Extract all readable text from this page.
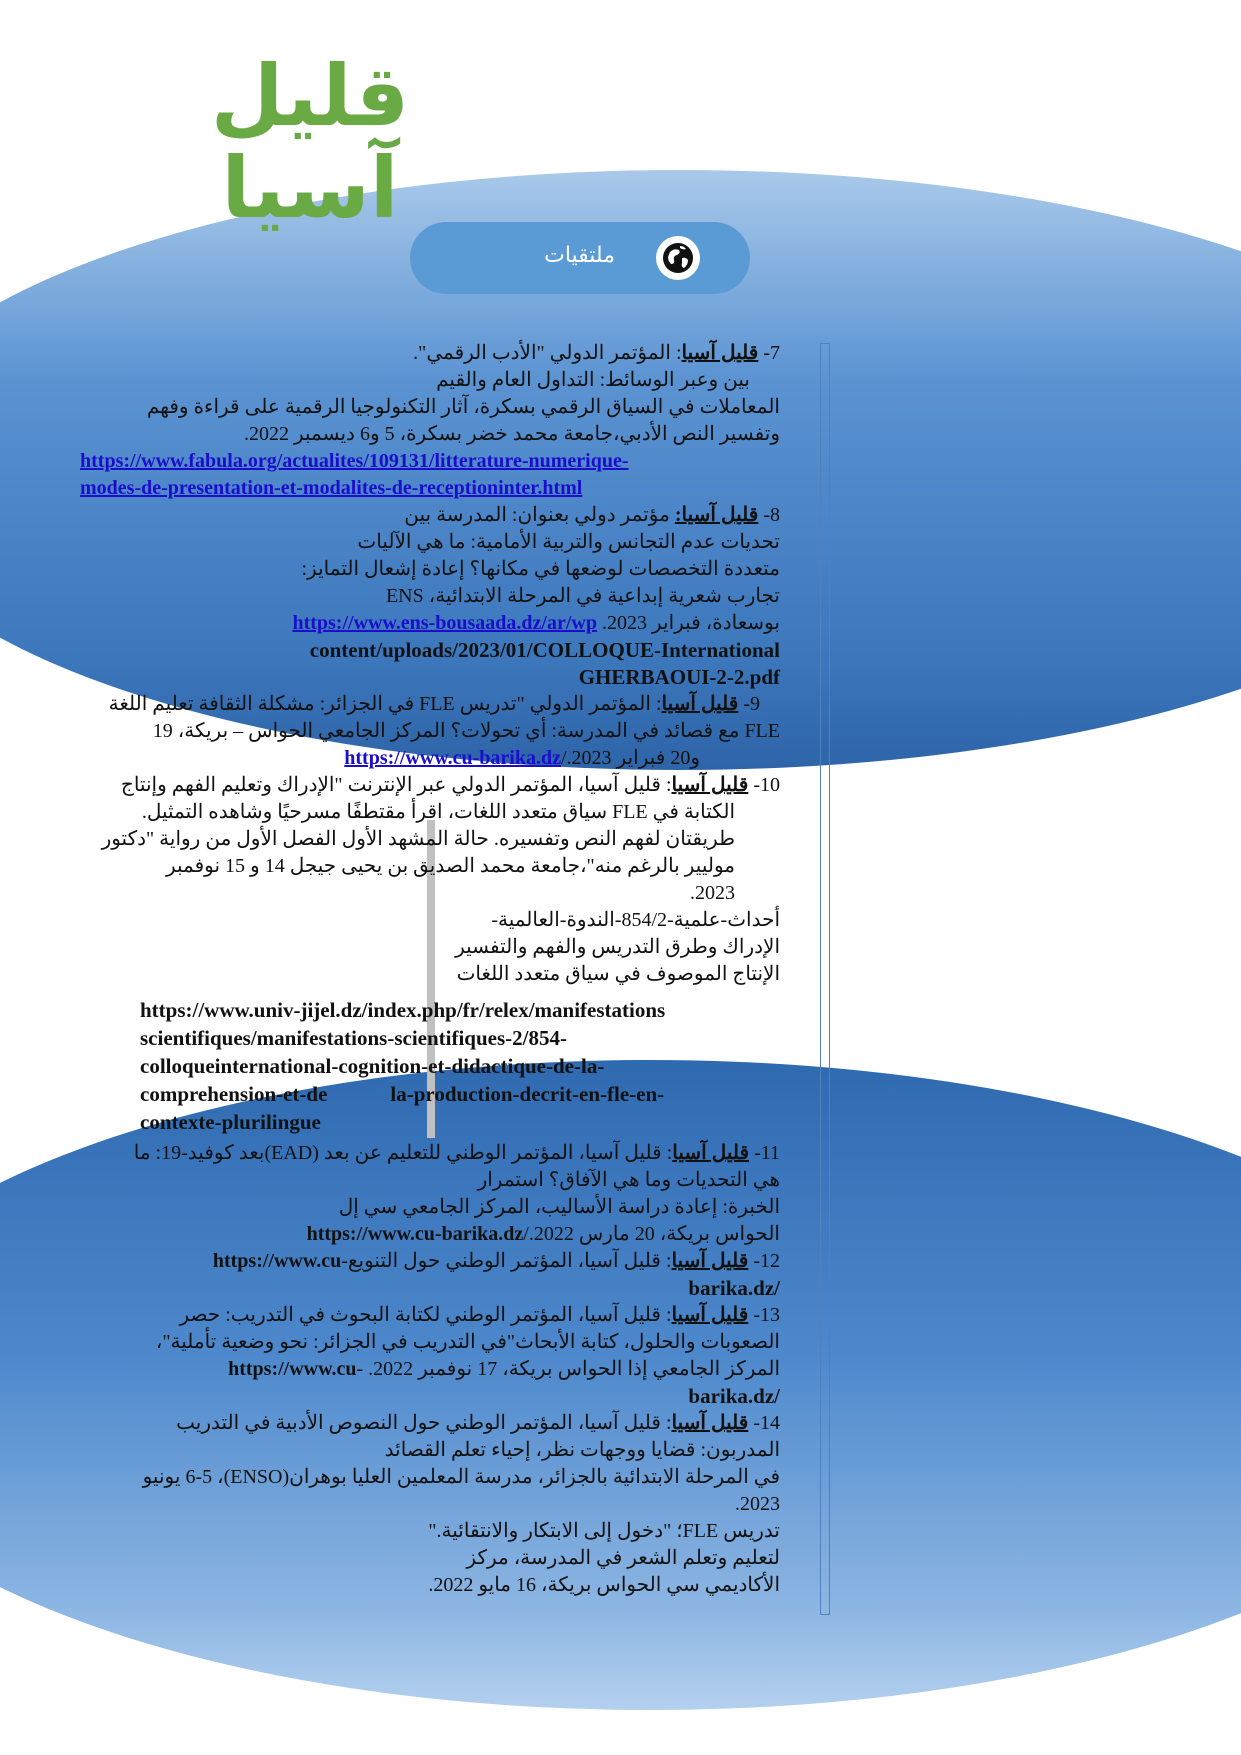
قليل آسيا
ملتقيات

7- قليل آسيا: المؤتمر الدولي "الأدب الرقمي".

بين وعبر الوسائط: التداول العام والقيم

المعاملات في السياق الرقمي بسكرة، آثار التكنولوجيا الرقمية على قراءة وفهم

وتفسير النص الأدبي،جامعة محمد خضر بسكرة، 5 و6 ديسمبر 2022.

https://www.fabula.org/actualites/109131/litterature-numerique-

modes-de-presentation-et-modalites-de-receptioninter.html

8- قليل آسيا: مؤتمر دولي بعنوان: المدرسة بين

تحديات عدم التجانس والتربية الأمامية: ما هي الآليات

متعددة التخصصات لوضعها في مكانها؟ إعادة إشعال التمايز:

تجارب شعرية إبداعية في المرحلة الابتدائية، ENS

بوسعادة، فبراير 2023. https://www.ens-bousaada.dz/ar/wp

content/uploads/2023/01/COLLOQUE-International

GHERBAOUI-2-2.pdf

9- قليل آسيا: المؤتمر الدولي "تدريس FLE في الجزائر: مشكلة الثقافة تعليم اللغة

FLE مع قصائد في المدرسة: أي تحولات؟ المركز الجامعي الحواس – بريكة، 19

و20 فبراير 2023./https://www.cu-barika.dz

10- قليل آسيا: قليل آسيا، المؤتمر الدولي عبر الإنترنت "الإدراك وتعليم الفهم وإنتاج

الكتابة في FLE سياق متعدد اللغات، اقرأ مقتطفًا مسرحيًا وشاهده التمثيل.

طريقتان لفهم النص وتفسيره. حالة المشهد الأول الفصل الأول من رواية "دكتور

موليير بالرغم منه"،جامعة محمد الصديق بن يحيى جيجل 14 و 15 نوفمبر

2023.

أحداث-علمية-854/2-الندوة-العالمية-

الإدراك وطرق التدريس والفهم والتفسير

الإنتاج الموصوف في سياق متعدد اللغات

https://www.univ-jijel.dz/index.php/fr/relex/manifestations
scientifiques/manifestations-scientifiques-2/854-
colloqueinternational-cognition-et-didactique-de-la-
comprehension-et-de            la-production-decrit-en-fle-en-
contexte-plurilingue

11- قليل آسيا: قليل آسيا، المؤتمر الوطني للتعليم عن بعد (EAD)بعد كوفيد-19: ما

هي التحديات وما هي الآفاق؟ استمرار

الخبرة: إعادة دراسة الأساليب، المركز الجامعي سي إل

الحواس بريكة، 20 مارس 2022./https://www.cu-barika.dz

12- قليل آسيا: قليل آسيا، المؤتمر الوطني حول التنويع-https://www.cu

barika.dz/

13- قليل آسيا: قليل آسيا، المؤتمر الوطني لكتابة البحوث في التدريب: حصر

الصعوبات والحلول، كتابة الأبحاث"في التدريب في الجزائر: نحو وضعية تأملية"،

المركز الجامعي إذا الحواس بريكة، 17 نوفمبر 2022. -https://www.cu

barika.dz/

14- قليل آسيا: قليل آسيا، المؤتمر الوطني حول النصوص الأدبية في التدريب

المدربون: قضايا ووجهات نظر، إحياء تعلم القصائد

في المرحلة الابتدائية بالجزائر، مدرسة المعلمين العليا بوهران(ENSO)، 6-5 يونيو

2023.

تدريس FLE؛ "دخول إلى الابتكار والانتقائية."

لتعليم وتعلم الشعر في المدرسة، مركز

الأكاديمي سي الحواس بريكة، 16 مايو 2022.
